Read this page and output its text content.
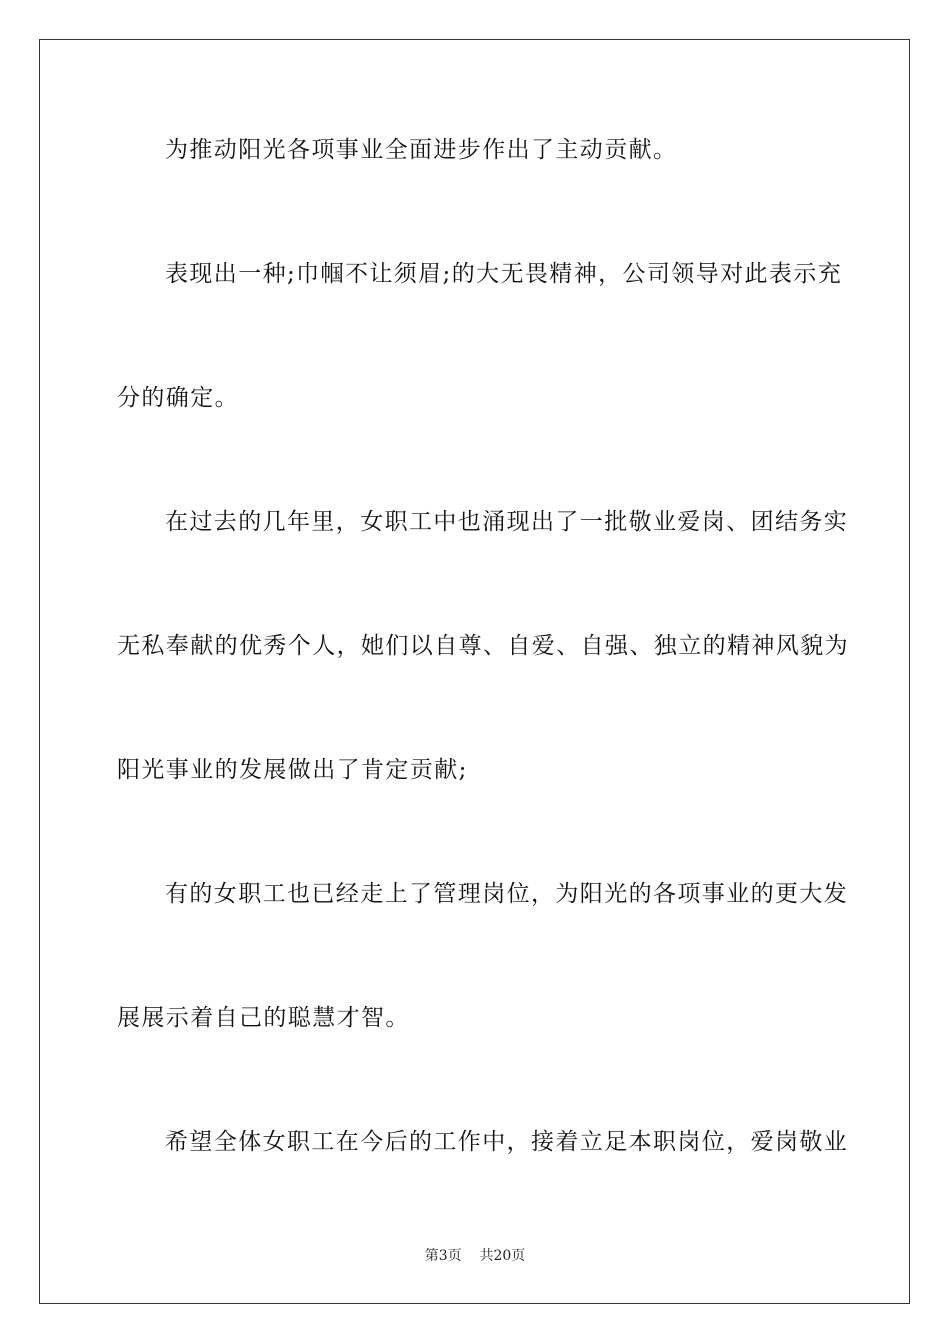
为推动阳光各项事业全面进步作出了主动贡献。
表现出一种;巾帼不让须眉;的大无畏精神，公司领导对此表示充
分的确定。
在过去的几年里，女职工中也涌现出了一批敬业爱岗、团结务实
无私奉献的优秀个人，她们以自尊、自爱、自强、独立的精神风貌为
阳光事业的发展做出了肯定贡献;
有的女职工也已经走上了管理岗位，为阳光的各项事业的更大发
展展示着自己的聪慧才智。
希望全体女职工在今后的工作中，接着立足本职岗位，爱岗敬业
第3页    共20页
